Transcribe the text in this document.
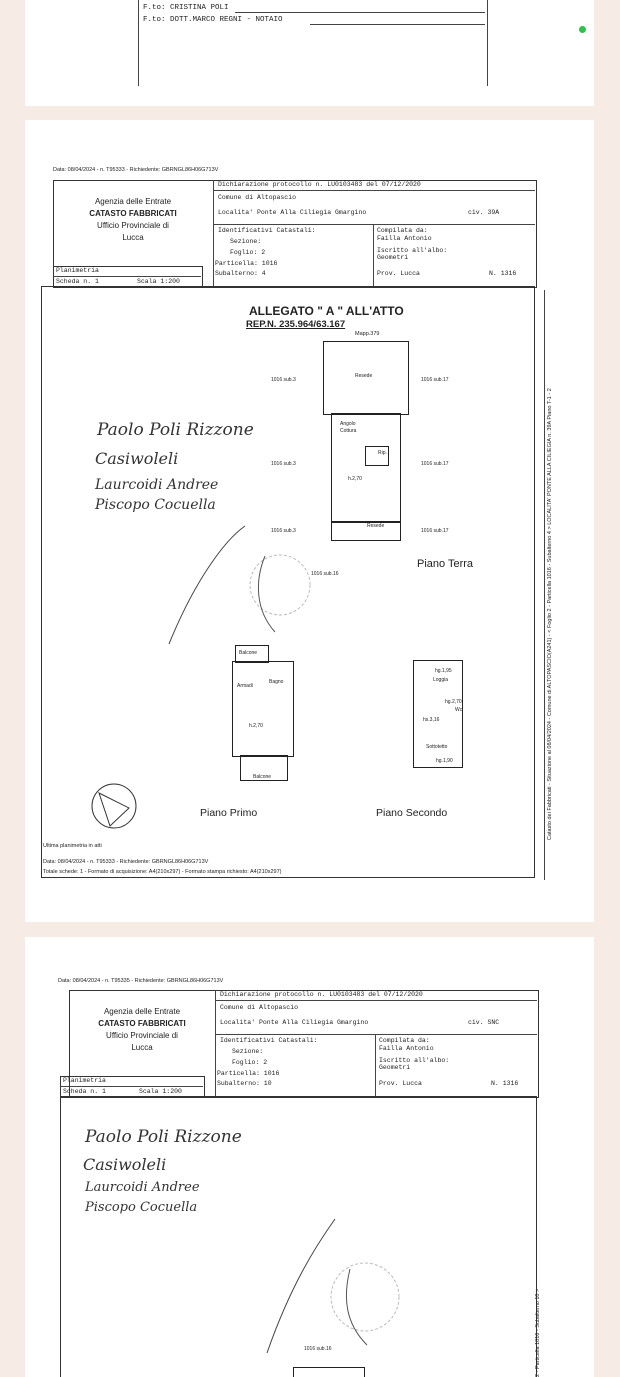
F.to: CRISTINA POLI
F.to: DOTT.MARCO REGNI - NOTAIO
Data: 08/04/2024 - n. T95333 - Richiedente: GBRNGL86H06G713V
Agenzia delle Entrate
CATASTO FABBRICATI
Ufficio Provinciale di
Lucca
Dichiarazione protocollo n. LU0103483 del 07/12/2020
Comune di Altopascio
Localita' Ponte Alla Ciliegia Gmargino	civ. 39A
Identificativi Catastali:
Sezione:
Foglio: 2
Particella: 1016
Subalterno: 4
Compilata da:
Failla Antonio
Iscritto all'albo:
Geometri
Prov. Lucca	N. 1316
Planimetria
Scheda n. 1	Scala 1:200
ALLEGATO " A " ALL'ATTO
REP.N. 235.964/63.167
Mapp.379
Resede
Angolo
Cottura
Rip.
h.2,70
Resede
1016 sub.3
1016 sub.3
1016 sub.3
1016 sub.17
1016 sub.17
1016 sub.17
1016 sub.16
Piano Terra
Balcone
Armadi
Bagno
h.2,70
Balcone
hg.1,95
Loggia
hg.2,70
Wc
hs.3,16
Sottotetto
hg.1,90
Piano Primo	Piano Secondo
Paolo Poli Rizzone
Casiwoleli
Laurcoidi Andree
Piscopo Cocuella
Ultima planimetria in atti
Data: 08/04/2024 - n. T95333 - Richiedente: GBRNGL86H06G713V
Totale schede: 1 - Formato di acquisizione: A4(210x297) - Formato stampa richiesto: A4(210x297)
Catasto dei Fabbricati - Situazione al 08/04/2024 - Comune di ALTOPASCIO(A241) - < Foglio 2 - Particella 1016 - Subalterno 4 > LOCALITA' PONTE ALLA CILIEGIA n. 39A Piano T-1 - 2
Data: 08/04/2024 - n. T95335 - Richiedente: GBRNGL86H06G713V
Agenzia delle Entrate
CATASTO FABBRICATI
Ufficio Provinciale di
Lucca
Dichiarazione protocollo n. LU0103483 del 07/12/2020
Comune di Altopascio
Localita' Ponte Alla Ciliegia Gmargino	civ. SNC
Identificativi Catastali:
Sezione:
Foglio: 2
Particella: 1016
Subalterno: 10
Compilata da:
Failla Antonio
Iscritto all'albo:
Geometri
Prov. Lucca	N. 1316
Planimetria
Scheda n. 1	Scala 1:200
Paolo Poli Rizzone
Casiwoleli
Laurcoidi Andree
Piscopo Cocuella
1016 sub.16	2 - Particella 1016 - Subalterno 10 >
